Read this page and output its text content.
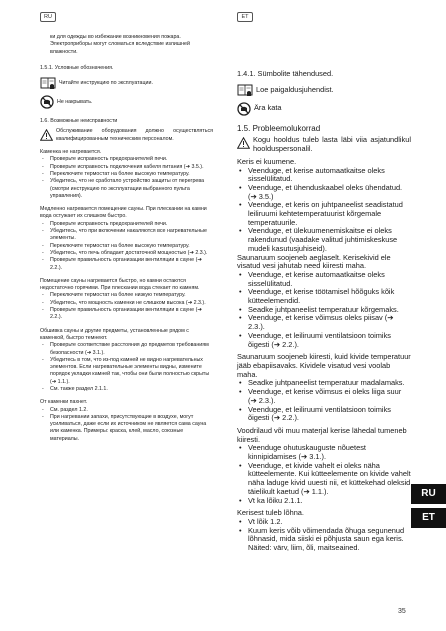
RU	ET

ки для одежды во избежание возникновения пожара. Электроприборы могут сломаться вследствие излишней влажности.

1.5.1. Условные обозначения.

Читайте инструкцию по эксплуатации.
Не накрывать.

1.6. Возможные неисправности

Обслуживание оборудования должно осуществляться квалифицированным техническим персоналом.

Каменка не нагревается.

- Проверьте исправность предохранителей печи.
- Проверьте исправность подключения кабеля питания (➔ 3.5.).
- Переключите термостат на более высокую температуру.
- Убедитесь, что не сработало устройство защиты от перегрева (смотри инструкцию по эксплуатации выбранного пульта управления).

Медленно нагревается помещение сауны. При плескании на камни вода остужает их слишком быстро.

- Проверьте исправность предохранителей печи.
- Убедитесь, что при включении накаляются все нагревательные элементы.
- Переключите термостат на более высокую температуру.
- Убедитесь, что печь обладает достаточной мощностью (➔ 2.3.).
- Проверьте правильность организации вентиляции в сауне (➔ 2.2.).

Помещение сауны нагревается быстро, но камни остаются недостаточно горячими. При плескании вода стекает по камням.

- Переключите термостат на более низкую температуру.
- Убедитесь, что мощность каменки не слишком высока (➔ 2.3.).
- Проверьте правильность организации вентиляции в сауне (➔ 2.2.).

Обшивка сауны и другие предметы, установленные рядом с каменкой, быстро темнеют.

- Проверьте соответствие расстояния до предметов требованиям безопасности (➔ 3.1.).
- Убедитесь в том, что из-под камней не видно нагревательных элементов. Если нагревательные элементы видны, измените порядок укладки камней так, чтобы они были полностью скрыты (➔ 1.1.).
- См. также раздел 2.1.1.

От каменки пахнет.

- См. раздел 1.2.
- При нагревании запахи, присутствующие в воздухе, могут усиливаться, даже если их источником не является сама сауна или каменка. Примеры: краска, клей, масло, союзные материалы.

1.4.1. Sümbolite tähendused.

Loe paigaldusjuhendist.
Ära kata

1.5. Probleemolukorrad

Kogu hooldus tuleb lasta läbi viia asjatundlikul hoolduspersonalil.

Keris ei kuumene.

• Veenduge, et kerise automaatkaitse oleks sisselülitatud.
• Veenduge, et ühenduskaabel oleks ühendatud. (➔ 3.5.)
• Veenduge, et keris on juhtpaneelist seadistatud leiliruumi kehtetemperatuurist kõrgemale temperatuurile.
• Veenduge, et ülekuumenemiskaitse ei oleks rakendunud (vaadake valitud juhtimiskeskuse mudeli kasutusjuhiseid).

Saunaruum soojeneb aeglaselt. Kerisekivid ele visatud vesi jahutab need kiiresti maha.

• Veenduge, et kerise automaatkaitse oleks sisselülitatud.
• Veenduge, et kerise töötamisel hõõguks kõik kütteelemendid.
• Seadke juhtpaneelist temperatuur kõrgemaks.
• Veenduge, et kerise võimsus oleks piisav (➔ 2.3.).
• Veenduge, et leiliruumi ventilatsioon toimiks õigesti (➔ 2.2.).

Saunaruum soojeneb kiiresti, kuid kivide temperatuur jääb ebapiisavaks. Kividele visatud vesi voolab maha.

• Seadke juhtpaneelist temperatuur madalamaks.
• Veenduge, et kerise võimsus ei oleks liiga suur (➔ 2.3.).
• Veenduge, et leiliruumi ventilatsioon toimiks õigesti (➔ 2.2.).

Voodrilaud või muu materjal kerise lähedal tumeneb kiiresti.

• Veenduge ohutuskauguste nõuetest kinnipidamises (➔ 3.1.).
• Veenduge, et kivide vahelt ei oleks näha kütteelemente. Kui kütteelemente on kivide vahelt näha laduge kivid uuesti nii, et küttekehad oleksid täielikult kaetud (➔ 1.1.).
• Vt ka lõiku 2.1.1.

Kerisest tuleb lõhna.

• Vt lõik 1.2.
• Kuum keris võib võimendada õhuga segunenud lõhnasid, mida siiski ei põhjusta saun ega keris. Näited: värv, liim, õli, maitseained.
RU
ET
35
